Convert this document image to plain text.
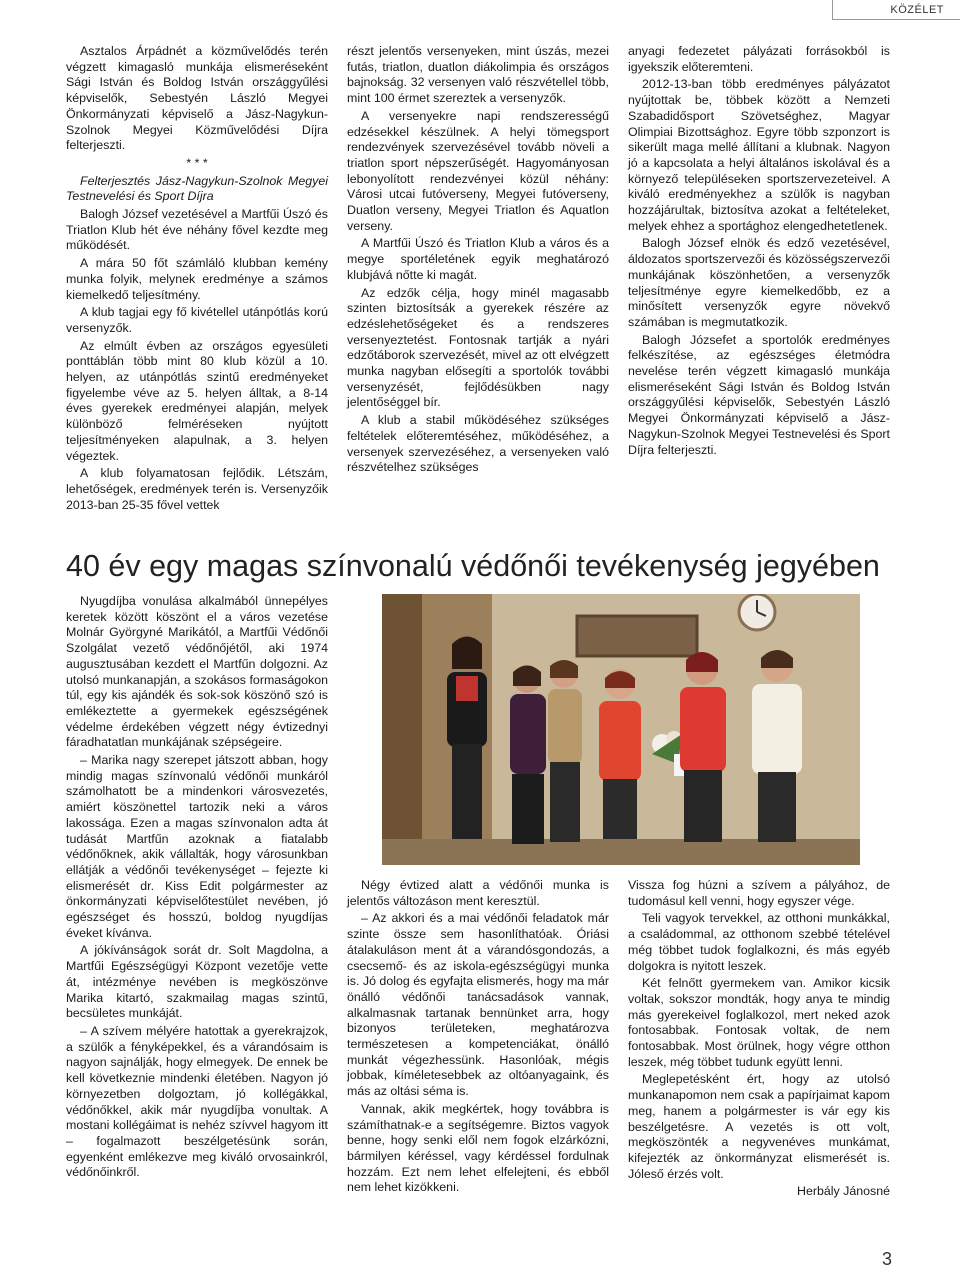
KÖZÉLET

Asztalos Árpádnét a közművelődés terén végzett kimagasló munkája elismeréseként Sági István és Boldog István országgyűlési képviselők, Sebestyén László Megyei Önkormányzati képviselő a Jász-Nagykun-Szolnok Megyei Közművelődési Díjra felterjeszti.

* * *

Felterjesztés Jász-Nagykun-Szolnok Megyei Testnevelési és Sport Díjra

Balogh József vezetésével a Martfűi Úszó és Triatlon Klub hét éve néhány fővel kezdte meg működését.

A mára 50 főt számláló klubban kemény munka folyik, melynek eredménye a számos kiemelkedő teljesítmény.

A klub tagjai egy fő kivétellel utánpótlás korú versenyzők.

Az elmúlt évben az országos egyesületi ponttáblán több mint 80 klub közül a 10. helyen, az utánpótlás szintű eredményeket figyelembe véve az 5. helyen álltak, a 8-14 éves gyerekek eredményei alapján, melyek különböző felméréseken nyújtott teljesítményeken alapulnak, a 3. helyen végeztek.

A klub folyamatosan fejlődik. Létszám, lehetőségek, eredmények terén is. Versenyzőik 2013-ban 25-35 fővel vettek

részt jelentős versenyeken, mint úszás, mezei futás, triatlon, duatlon diákolimpia és országos bajnokság. 32 versenyen való részvétellel több, mint 100 érmet szereztek a versenyzők.

A versenyekre napi rendszerességű edzésekkel készülnek. A helyi tömegsport rendezvények szervezésével tovább növeli a triatlon sport népszerűségét. Hagyományosan lebonyolított rendezvényei közül néhány: Városi utcai futóverseny, Megyei futóverseny, Duatlon verseny, Megyei Triatlon és Aquatlon verseny.

A Martfűi Úszó és Triatlon Klub a város és a megye sportéletének egyik meghatározó klubjává nőtte ki magát.

Az edzők célja, hogy minél magasabb szinten biztosítsák a gyerekek részére az edzéslehetőségeket és a rendszeres versenyeztetést. Fontosnak tartják a nyári edzőtáborok szervezését, mivel az ott elvégzett munka nagyban elősegíti a sportolók további versenyzését, fejlődésükben nagy jelentőséggel bír.

A klub a stabil működéséhez szükséges feltételek előteremtéséhez, működéséhez, a versenyek szervezéséhez, a versenyeken való részvételhez szükséges

anyagi fedezetet pályázati forrásokból is igyekszik előteremteni.

2012-13-ban több eredményes pályázatot nyújtottak be, többek között a Nemzeti Szabadidősport Szövetséghez, Magyar Olimpiai Bizottsághoz. Egyre több szponzort is sikerült maga mellé állítani a klubnak. Nagyon jó a kapcsolata a helyi általános iskolával és a környező településeken sportszervezeteivel. A kiváló eredményekhez a szülők is nagyban hozzájárultak, biztosítva azokat a feltételeket, melyek ehhez a sportághoz elengedhetetlenek.

Balogh József elnök és edző vezetésével, áldozatos sportszervezői és közösségszervezői munkájának köszönhetően, a versenyzők teljesítménye egyre kiemelkedőbb, ez a minősített versenyzők egyre növekvő számában is megmutatkozik.

Balogh Józsefet a sportolók eredményes felkészítése, az egészséges életmódra nevelése terén végzett kimagasló munkája elismeréseként Sági István és Boldog István országgyűlési képviselők, Sebestyén László Megyei Önkormányzati képviselő a Jász-Nagykun-Szolnok Megyei Testnevelési és Sport Díjra felterjeszti.

40 év egy magas színvonalú védőnői tevékenység jegyében

Nyugdíjba vonulása alkalmából ünnepélyes keretek között köszönt el a város vezetése Molnár Györgyné Marikától, a Martfűi Védőnői Szolgálat vezető védőnőjétől, aki 1974 augusztusában kezdett el Martfűn dolgozni. Az utolsó munkanapján, a szokásos formaságokon túl, egy kis ajándék és sok-sok köszönő szó is emlékeztette a gyermekek egészségének védelme érdekében végzett négy évtizednyi fáradhatatlan munkájának szépségeire.

– Marika nagy szerepet játszott abban, hogy mindig magas színvonalú védőnői munkáról számolhatott be a mindenkori városvezetés, amiért köszönettel tartozik neki a város lakossága. Ezen a magas színvonalon adta át tudását Martfűn azoknak a fiatalabb védőnőknek, akik vállalták, hogy városunkban ellátják a védőnői tevékenységet – fejezte ki elismerését dr. Kiss Edit polgármester az önkormányzati képviselőtestület nevében, jó egészséget és hosszú, boldog nyugdíjas éveket kívánva.

A jókívánságok sorát dr. Solt Magdolna, a Martfűi Egészségügyi Központ vezetője vette át, intézménye nevében is megköszönve Marika kitartó, szakmailag magas szintű, becsületes munkáját.

– A szívem mélyére hatottak a gyerekrajzok, a szülők a fényképekkel, és a várandósaim is nagyon sajnálják, hogy elmegyek. De ennek be kell következnie mindenki életében. Nagyon jó környezetben dolgoztam, jó kollégákkal, védőnőkkel, akik már nyugdíjba vonultak. A mostani kollégáimat is nehéz szívvel hagyom itt – fogalmazott beszélgetésünk során, egyenként emlékezve meg kiváló orvosainkról, védőnőinkről.

Négy évtized alatt a védőnői munka is jelentős változáson ment keresztül.

– Az akkori és a mai védőnői feladatok már szinte össze sem hasonlíthatóak. Óriási átalakuláson ment át a várandósgondozás, a csecsemő- és az iskola-egészségügyi munka is. Jó dolog és egyfajta elismerés, hogy ma már önálló védőnői tanácsadások vannak, alkalmasnak tartanak bennünket arra, hogy bizonyos területeken, meghatározva természetesen a kompetenciákat, önálló munkát végezhessünk. Hasonlóak, mégis jobbak, kíméletesebbek az oltóanyagaink, és más az oltási séma is.

Vannak, akik megkértek, hogy továbbra is számíthatnak-e a segítségemre. Biztos vagyok benne, hogy senki elől nem fogok elzárkózni, bármilyen kéréssel, vagy kérdéssel fordulnak hozzám. Ezt nem lehet elfelejteni, és ebből nem lehet kizökkeni.

Vissza fog húzni a szívem a pályához, de tudomásul kell venni, hogy egyszer vége.

Teli vagyok tervekkel, az otthoni munkákkal, a családommal, az otthonom szebbé tételével még többet tudok foglalkozni, és más egyéb dolgokra is nyitott leszek.

Két felnőtt gyermekem van. Amikor kicsik voltak, sokszor mondták, hogy anya te mindig más gyerekeivel foglalkozol, mert neked azok fontosabbak. Fontosak voltak, de nem fontosabbak. Most örülnek, hogy végre otthon leszek, még többet tudunk együtt lenni.

Meglepetésként ért, hogy az utolsó munkanapomon nem csak a papírjaimat kapom meg, hanem a polgármester is vár egy kis beszélgetésre. A vezetés is ott volt, megköszönték a negyvenéves munkámat, kifejezték az önkormányzat elismerését is. Jóleső érzés volt.

Herbály Jánosné

3
